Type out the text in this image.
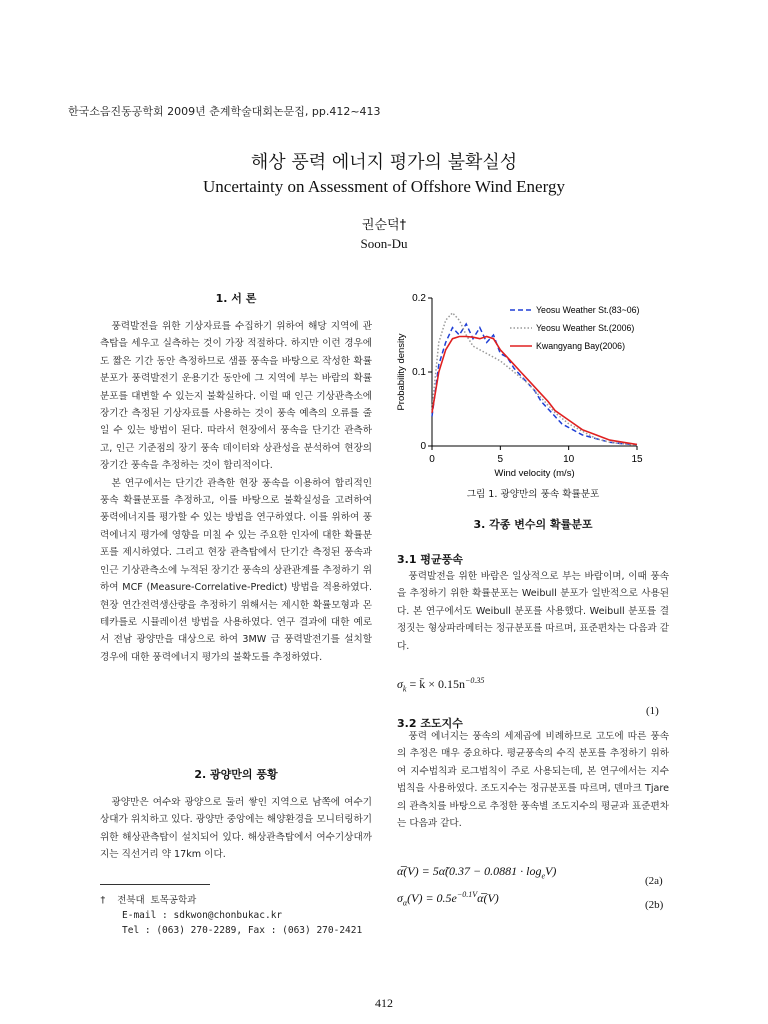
한국소음진동공학회 2009년 춘계학술대회논문집, pp.412~413
해상 풍력 에너지 평가의 불확실성
Uncertainty on Assessment of Offshore Wind Energy
권순덕†
Soon-Du
1. 서 론

풍력발전을 위한 기상자료를 수집하기 위하여 해당 지역에 관측탑을 세우고 실측하는 것이 가장 적절하다. 하지만 이런 경우에도 짧은 기간 동안 측정하므로 샘플 풍속을 바탕으로 작성한 확률분포가 풍력발전기 운용기간 동안에 그 지역에 부는 바람의 확률분포를 대변할 수 있는지 불확실하다. 이럴 때 인근 기상관측소에 장기간 측정된 기상자료를 사용하는 것이 풍속 예측의 오류를 줄일 수 있는 방법이 된다. 따라서 현장에서 풍속을 단기간 관측하고, 인근 기준점의 장기 풍속 데이터와 상관성을 분석하여 현장의 장기간 풍속을 추정하는 것이 합리적이다.

본 연구에서는 단기간 관측한 현장 풍속을 이용하여 합리적인 풍속 확률분포를 추정하고, 이를 바탕으로 불확실성을 고려하여 풍력에너지를 평가할 수 있는 방법을 연구하였다. 이를 위하여 풍력에너지 평가에 영향을 미칠 수 있는 주요한 인자에 대한 확률분포를 제시하였다. 그리고 현장 관측탑에서 단기간 측정된 풍속과 인근 기상관측소에 누적된 장기간 풍속의 상관관계를 추정하기 위하여 MCF (Measure-Correlative-Predict) 방법을 적용하였다. 현장 연간전력생산량을 추정하기 위해서는 제시한 확률모형과 몬테카를로 시뮬레이션 방법을 사용하였다. 연구 결과에 대한 예로서 전남 광양만을 대상으로 하여 3MW 급 풍력발전기를 설치할 경우에 대한 풍력에너지 평가의 불확도를 추정하였다.

2. 광양만의 풍황

광양만은 여수와 광양으로 둘러 쌓인 지역으로 남쪽에 여수기상대가 위치하고 있다. 광양만 중앙에는 해양환경을 모니터링하기 위한 해상관측탑이 설치되어 있다. 해상관측탑에서 여수기상대까지는 직선거리 약 17km 이다.

† 전북대 토목공학과
E-mail : sdkwon@chonbukac.kr
Tel : (063) 270-2289, Fax : (063) 270-2421
0	5	10	15
0
0.1
0.2
Wind velocity (m/s)
Probability density
Yeosu Weather St.(83~06)
Yeosu Weather St.(2006)
Kwangyang Bay(2006)
그림 1. 광양만의 풍속 확률분포
3. 각종 변수의 확률분포
3.1 평균풍속

풍력발전을 위한 바람은 일상적으로 부는 바람이며, 이때 풍속을 추정하기 위한 확률분포는 Weibull 분포가 일반적으로 사용된다. 본 연구에서도 Weibull 분포를 사용했다. Weibull 분포를 결정짓는 형상파라메터는 정규분포를 따르며, 표준편차는 다음과 같다.

$\sigma_k$ = k̄ × $0.15n^{-0.35}$
(1)
3.2 조도지수

풍력 에너지는 풍속의 세제곱에 비례하므로 고도에 따른 풍속의 추정은 매우 중요하다. 평균풍속의 수직 분포를 추정하기 위하여 지수법칙과 로그법칙이 주로 사용되는데, 본 연구에서는 지수법칙을 사용하였다. 조도지수는 정규분포를 따르며, 덴마크 Tjare 의 관측치를 바탕으로 추정한 풍속별 조도지수의 평균과 표준편차는 다음과 같다.

α̅(V) = 5α̃(0.37 − $0.0881 \cdot \log_eV$)
(2a)
$\sigma_\alpha(V)$ = $0.5e^{-0.1V}\alpha̅(V)$	(2b)
412
